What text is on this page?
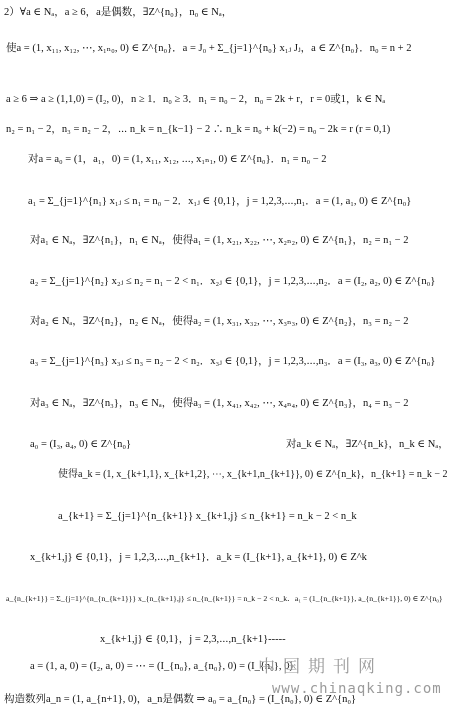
2）∀a ∈ Nₐ，a ≥ 6，a是偶数，∃Z^{n₀}，n₀ ∈ Nₐ，
使a = (1, x₁₁, x₁₂, ⋯, x₁ₙ₀, 0) ∈ Z^{n₀}．a = J₀ + Σ_{j=1}^{n₀} x₁ⱼ Jⱼ，a ∈ Z^{n₀}．n₀ = n + 2
a ≥ 6 ⇒ a ≥ (1,1,0) = (I₂, 0)，n ≥ 1．n₀ ≥ 3．n₁ = n₀ − 2，n₀ = 2k + r，r = 0或1，k ∈ Nₐ
n₂ = n₁ − 2，n₃ = n₂ − 2，⋯ n_k = n_{k−1} − 2 ∴ n_k = n₀ + k(−2) = n₀ − 2k = r (r = 0,1)
对a = a₀ = (1，a₁，0) = (1, x₁₁, x₁₂, ⋯, x₁ₙ₁, 0) ∈ Z^{n₀}．n₁ = n₀ − 2
a₁ = Σ_{j=1}^{n₁} x₁ⱼ ≤ n₁ = n₀ − 2．x₁ⱼ ∈ {0,1}，j = 1,2,3,⋯,n₁．a = (1, a₁, 0) ∈ Z^{n₀}
对a₁ ∈ Nₐ，∃Z^{n₁}，n₁ ∈ Nₐ，使得a₁ = (1, x₂₁, x₂₂, ⋯, x₂ₙ₂, 0) ∈ Z^{n₁}，n₂ = n₁ − 2
a₂ = Σ_{j=1}^{n₂} x₂ⱼ ≤ n₂ = n₁ − 2 < n₁．x₂ⱼ ∈ {0,1}，j = 1,2,3,⋯,n₂．a = (I₂, a₂, 0) ∈ Z^{n₀}
对a₂ ∈ Nₐ，∃Z^{n₂}，n₂ ∈ Nₐ，使得a₂ = (1, x₃₁, x₃₂, ⋯, x₃ₙ₃, 0) ∈ Z^{n₂}，n₃ = n₂ − 2
a₃ = Σ_{j=1}^{n₃} x₃ⱼ ≤ n₃ = n₂ − 2 < n₂．x₃ⱼ ∈ {0,1}，j = 1,2,3,⋯,n₃．a = (I₃, a₃, 0) ∈ Z^{n₀}
对a₃ ∈ Nₐ，∃Z^{n₃}，n₃ ∈ Nₐ，使得a₃ = (1, x₄₁, x₄₂, ⋯, x₄ₙ₄, 0) ∈ Z^{n₃}，n₄ = n₃ − 2
a₀ = (I₃, a₄, 0) ∈ Z^{n₀}	对a_k ∈ Nₐ，∃Z^{n_k}，n_k ∈ Nₐ，
使得a_k = (1, x_{k+1,1}, x_{k+1,2}, ⋯, x_{k+1,n_{k+1}}, 0) ∈ Z^{n_k}，n_{k+1} = n_k − 2
a_{k+1} = Σ_{j=1}^{n_{k+1}} x_{k+1,j} ≤ n_{k+1} = n_k − 2 < n_k
x_{k+1,j} ∈ {0,1}，j = 1,2,3,⋯,n_{k+1}．a_k = (I_{k+1}, a_{k+1}, 0) ∈ Z^k
a_{n_{k+1}} = Σ_{j=1}^{n_{n_{k+1}}} x_{n_{k+1},j} ≤ n_{n_{k+1}} = n_k − 2 < n_k．a₁ = (1_{n_{k+1}}, a_{n_{k+1}}, 0) ∈ Z^{n₀}
x_{k+1,j} ∈ {0,1}，j = 2,3,⋯,n_{k+1}-----
a = (1, a, 0) = (I₂, a, 0) = ⋯ = (I_{n₀}, a_{n₀}, 0) = (I_{n₀}, 0)
构造数列a_n = (1, a_{n+1}, 0)，a_n是偶数 ⇒ a₀ = a_{n₀} = (I_{n₀}, 0) ∈ Z^{n₀}
中国期刊网
www.chinaqking.com
